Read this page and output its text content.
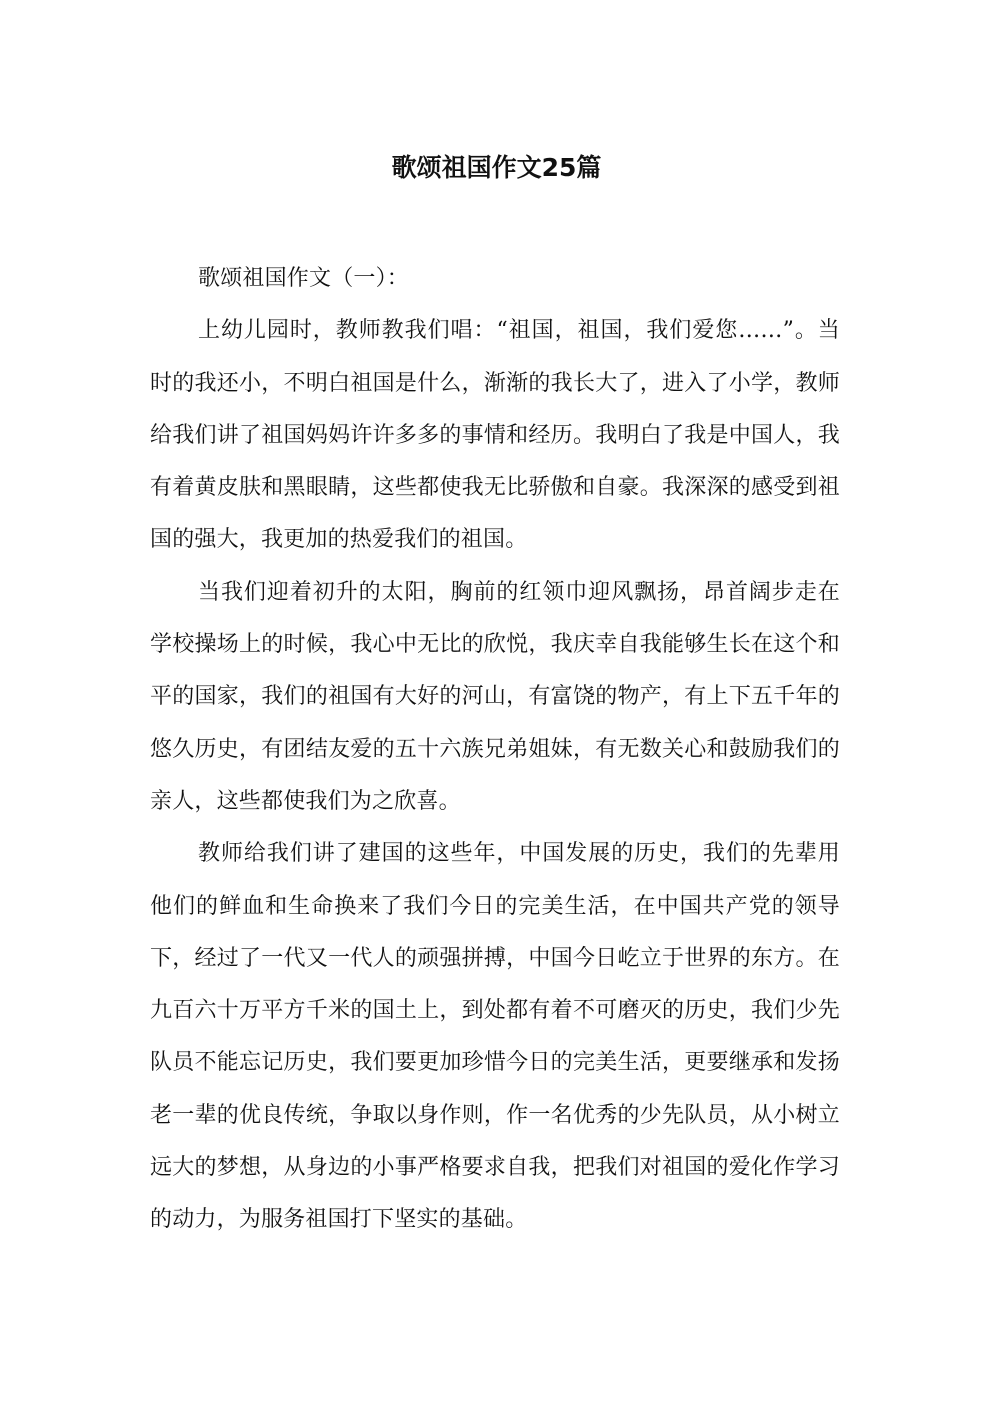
歌颂祖国作文25篇

歌颂祖国作文（一）：

上幼儿园时，教师教我们唱：“祖国，祖国，我们爱您……”。当时的我还小，不明白祖国是什么，渐渐的我长大了，进入了小学，教师给我们讲了祖国妈妈许许多多的事情和经历。我明白了我是中国人，我有着黄皮肤和黑眼睛，这些都使我无比骄傲和自豪。我深深的感受到祖国的强大，我更加的热爱我们的祖国。

当我们迎着初升的太阳，胸前的红领巾迎风飘扬，昂首阔步走在学校操场上的时候，我心中无比的欣悦，我庆幸自我能够生长在这个和平的国家，我们的祖国有大好的河山，有富饶的物产，有上下五千年的悠久历史，有团结友爱的五十六族兄弟姐妹，有无数关心和鼓励我们的亲人，这些都使我们为之欣喜。

教师给我们讲了建国的这些年，中国发展的历史，我们的先辈用他们的鲜血和生命换来了我们今日的完美生活，在中国共产党的领导下，经过了一代又一代人的顽强拼搏，中国今日屹立于世界的东方。在九百六十万平方千米的国土上，到处都有着不可磨灭的历史，我们少先队员不能忘记历史，我们要更加珍惜今日的完美生活，更要继承和发扬老一辈的优良传统，争取以身作则，作一名优秀的少先队员，从小树立远大的梦想，从身边的小事严格要求自我，把我们对祖国的爱化作学习的动力，为服务祖国打下坚实的基础。
